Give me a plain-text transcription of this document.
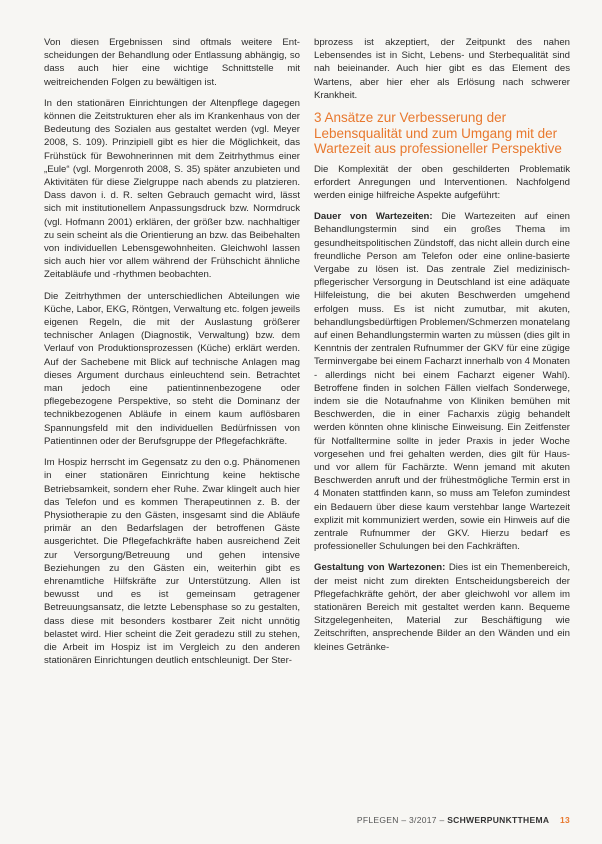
Von diesen Ergebnissen sind oftmals weitere Ent-scheidungen der Behandlung oder Entlassung abhängig, so dass auch hier eine wichtige Schnittstelle mit weitreichenden Folgen zu bewältigen ist.

In den stationären Einrichtungen der Altenpflege dagegen können die Zeitstrukturen eher als im Krankenhaus von der Bedeutung des Sozialen aus gestaltet werden (vgl. Meyer 2008, S. 109). Prinzipiell gibt es hier die Möglichkeit, das Frühstück für Bewohnerinnen mit dem Zeitrhythmus einer „Eule“ (vgl. Morgenroth 2008, S. 35) später anzubieten und Aktivitäten für diese Zielgruppe nach abends zu platzieren. Dass davon i. d. R. selten Gebrauch gemacht wird, lässt sich mit institutionellem Anpassungsdruck bzw. Normdruck (vgl. Hofmann 2001) erklären, der größer bzw. nachhaltiger zu sein scheint als die Orientierung an bzw. das Beibehalten von individuellen Lebensgewohnheiten. Gleichwohl lassen sich auch hier vor allem während der Frühschicht ähnliche Zeitabläufe und -rhythmen beobachten.

Die Zeitrhythmen der unterschiedlichen Abteilungen wie Küche, Labor, EKG, Röntgen, Verwaltung etc. folgen jeweils eigenen Regeln, die mit der Auslastung größerer technischer Anlagen (Diagnostik, Verwaltung) bzw. dem Verlauf von Produktionsprozessen (Küche) erklärt werden. Auf der Sachebene mit Blick auf technische Anlagen mag dieses Argument durchaus einleuchtend sein. Betrachtet man jedoch eine patientinnenbezogene oder pflegebezogene Perspektive, so steht die Dominanz der technikbezogenen Abläufe in einem kaum auflösbaren Spannungsfeld mit den individuellen Bedürfnissen von Patientinnen oder der Berufsgruppe der Pflegefachkräfte.

Im Hospiz herrscht im Gegensatz zu den o.g. Phänomenen in einer stationären Einrichtung keine hektische Betriebsamkeit, sondern eher Ruhe. Zwar klingelt auch hier das Telefon und es kommen Therapeutinnen z. B. der Physiotherapie zu den Gästen, insgesamt sind die Abläufe primär an den Bedarfslagen der betroffenen Gäste ausgerichtet. Die Pflegefachkräfte haben ausreichend Zeit zur Versorgung/Betreuung und gehen intensive Beziehungen zu den Gästen ein, weiterhin gibt es ehrenamtliche Hilfskräfte zur Unterstützung. Allen ist bewusst und es ist gemeinsam getragener Betreuungsansatz, die letzte Lebensphase so zu gestalten, dass diese mit besonders kostbarer Zeit nicht unnötig belastet wird. Hier scheint die Zeit geradezu still zu stehen, die Arbeit im Hospiz ist im Vergleich zu den anderen stationären Einrichtungen deutlich entschleunigt. Der Ster-

bprozess ist akzeptiert, der Zeitpunkt des nahen Lebensendes ist in Sicht, Lebens- und Sterbequalität sind nah beieinander. Auch hier gibt es das Element des Wartens, aber hier eher als Erlösung nach schwerer Krankheit.

3 Ansätze zur Verbesserung der Lebensqualität und zum Umgang mit der Wartezeit aus professioneller Perspektive

Die Komplexität der oben geschilderten Problematik erfordert Anregungen und Interventionen. Nachfolgend werden einige hilfreiche Aspekte aufgeführt:

Dauer von Wartezeiten: Die Wartezeiten auf einen Behandlungstermin sind ein großes Thema im gesundheitspolitischen Zündstoff, das nicht allein durch eine freundliche Person am Telefon oder eine online-basierte Vergabe zu lösen ist. Das zentrale Ziel medizinisch-pflegerischer Versorgung in Deutschland ist eine adäquate Hilfeleistung, die bei akuten Beschwerden umgehend erfolgen muss. Es ist nicht zumutbar, mit akuten, behandlungsbedürftigen Problemen/Schmerzen monatelang auf einen Behandlungstermin warten zu müssen (dies gilt in Kenntnis der zentralen Rufnummer der GKV für eine zügige Terminvergabe bei einem Facharzt innerhalb von 4 Monaten - allerdings nicht bei einem Facharzt eigener Wahl). Betroffene finden in solchen Fällen vielfach Sonderwege, indem sie die Notaufnahme von Kliniken bemühen mit Beschwerden, die in einer Facharxis zügig behandelt werden könnten ohne klinische Einweisung. Ein Zeitfenster für Notfalltermine sollte in jeder Praxis in jeder Woche vorgesehen und frei gehalten werden, dies gilt für Haus- und vor allem für Fachärzte. Wenn jemand mit akuten Beschwerden anruft und der frühestmögliche Termin erst in 4 Monaten stattfinden kann, so muss am Telefon zumindest ein Bedauern über diese kaum verstehbar lange Wartezeit explizit mit kommuniziert werden, sowie ein Hinweis auf die zentrale Rufnummer der GKV. Hierzu bedarf es professioneller Schulungen bei den Fachkräften.

Gestaltung von Wartezonen: Dies ist ein Themenbereich, der meist nicht zum direkten Entscheidungsbereich der Pflegefachkräfte gehört, der aber gleichwohl vor allem im stationären Bereich mit gestaltet werden kann. Bequeme Sitzgelegenheiten, Material zur Beschäftigung wie Zeitschriften, ansprechende Bilder an den Wänden und ein kleines Getränke-

PFLEGEN – 3/2017 – SCHWERPUNKTTHEMA 13
